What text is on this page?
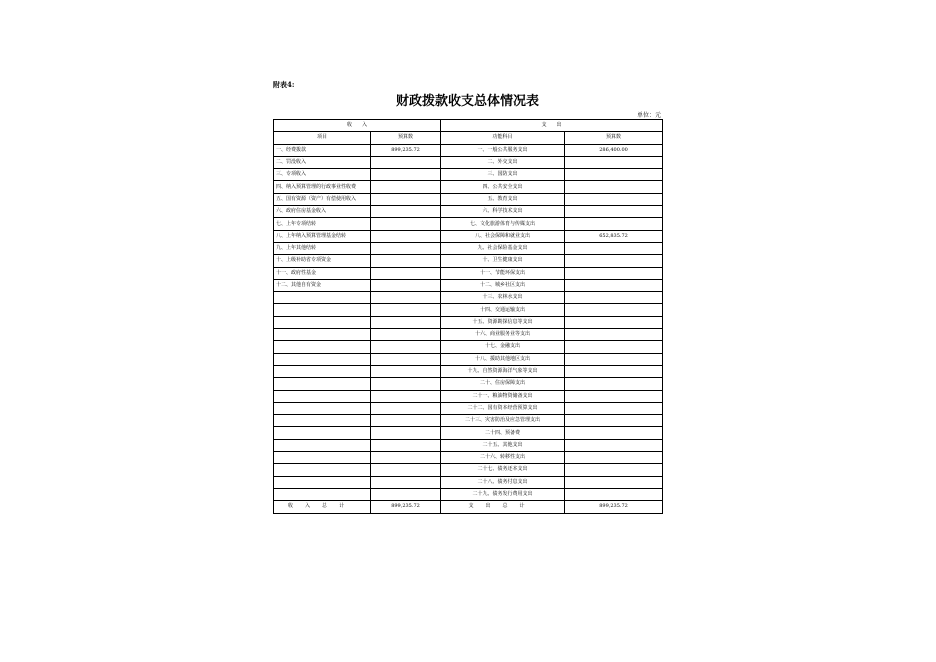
附表4:
财政拨款收支总体情况表
单位：元
收　　入		支　　出	
项目	预算数	功能科目	预算数
一、经费拨款	899,235.72	一、一般公共服务支出	286,400.00
二、罚没收入		二、外交支出	
三、专项收入		三、国防支出	
四、纳入预算管理的行政事业性收费		四、公共安全支出	
五、国有资源（资产）有偿使用收入		五、教育支出	
六、政府住房基金收入		六、科学技术支出	
七、上年专项结转		七、文化旅游体育与传媒支出	
八、上年纳入预算管理基金结转		八、社会保障和就业支出	652,835.72
九、上年其他结转		九、社会保险基金支出	
十、上级补助省专项资金		十、卫生健康支出	
十一、政府性基金		十一、节能环保支出	
十二、其他自有资金		十二、城乡社区支出	
		十三、农林水支出	
		十四、交通运输支出	
		十五、资源勘探信息等支出	
		十六、商业服务业等支出	
		十七、金融支出	
		十八、援助其他地区支出	
		十九、自然资源海洋气象等支出	
		二十、住房保障支出	
		二十一、粮油物资储备支出	
		二十二、国有资本经营预算支出	
		二十三、灾害防治及应急管理支出	
		二十四、预备费	
		二十五、其他支出	
		二十六、转移性支出	
		二十七、债务还本支出	
		二十八、债务付息支出	
		二十九、债务发行费用支出	
收入总计	899,235.72	支出总计	899,235.72
